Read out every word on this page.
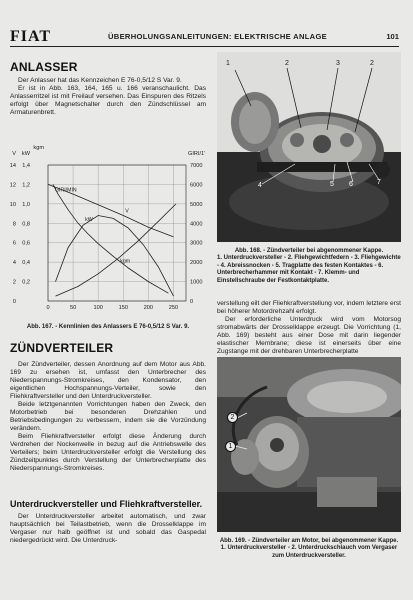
FIAT	ÜBERHOLUNGSANLEITUNGEN: ELEKTRISCHE ANLAGE	101
ANLASSER

Der Anlasser hat das Kennzeichen E 76-0,5/12 S Var. 9.

Er ist in Abb. 163, 164, 165 u. 166 veranschaulicht. Das Anlasserritzel ist mit Freilauf versehen. Das Einspuren des Ritzels erfolgt über Magnetschalter durch den Zündschlüssel am Armaturenbrett.

0	50	100	150	200	250
0
2
4
6
8
10
12
14
V
0,2
0,4
0,6
0,8
1,0
1,2
1,4
kW
kgm
0
1000
2000
3000
4000
5000
6000
7000
GIRI/1'
GIRI/MIN
V
kW
kgm

Abb. 167. - Kennlinien des Anlassers E 76-0,5/12 S Var. 9.

ZÜNDVERTEILER

Der Zündverteiler, dessen Anordnung auf dem Motor aus Abb. 169 zu ersehen ist, umfasst den Unterbrecher des Niederspannungs-Stromkreises, den Kondensator, den eigentlichen Hochspannungs-Verteiler, sowie den Fliehkraftversteller und den Unterdruckversteller.

Beide letztgenannten Vorrichtungen haben den Zweck, den Motorbetrieb bei besonderen Drehzahlen und Betriebsbedingungen zu verbessern, indem sie die Vorzündung verändern.

Beim Fliehkraftversteller erfolgt diese Änderung durch Verdrehen der Nockenwelle in bezug auf die Antriebswelle des Verteilers; beim Unterdruckversteller erfolgt die Verstellung des Zündzeitpunktes durch Verstellung der Unterbrecherplatte des Niederspannungs-Stromkreises.

Unterdruckversteller und Fliehkraftversteller.

Der Unterdruckversteller arbeitet automatisch, und zwar hauptsächlich bei Teilastbetrieb, wenn die Drosselklappe im Vergaser nur halb geöffnet ist und sobald das Gaspedal niedergedrückt wird. Die Unterdruck-

1	2	3	2
4	5 6	7

Abb. 168. - Zündverteiler bei abgenommener Kappe.

1. Unterdruckversteller - 2. Fliehgewichtfedern - 3. Fliehgewichte - 4. Abreissnocken - 5. Tragplatte des festen Kontaktes - 6. Unterbrecherhammer mit Kontakt - 7. Klemm- und Einstellschraube der Festkontaktplatte.

verstellung eilt der Fliehkraftverstellung vor, indem letztere erst bei höherer Motordrehzahl erfolgt.

Der erforderliche Unterdruck wird vom Motorsog stromabwärts der Drosselklappe erzeugt. Die Vorrichtung (1, Abb. 169) besteht aus einer Dose mit darin liegender elastischer Membrane; diese ist einerseits über eine Zugstange mit der drehbaren Unterbrecherplatte

2
1

Abb. 169. - Zündverteiler am Motor, bei abgenommener Kappe.

1. Unterdruckversteller - 2. Unterdruckschlauch vom Vergaser zum Unterdruckversteller.
